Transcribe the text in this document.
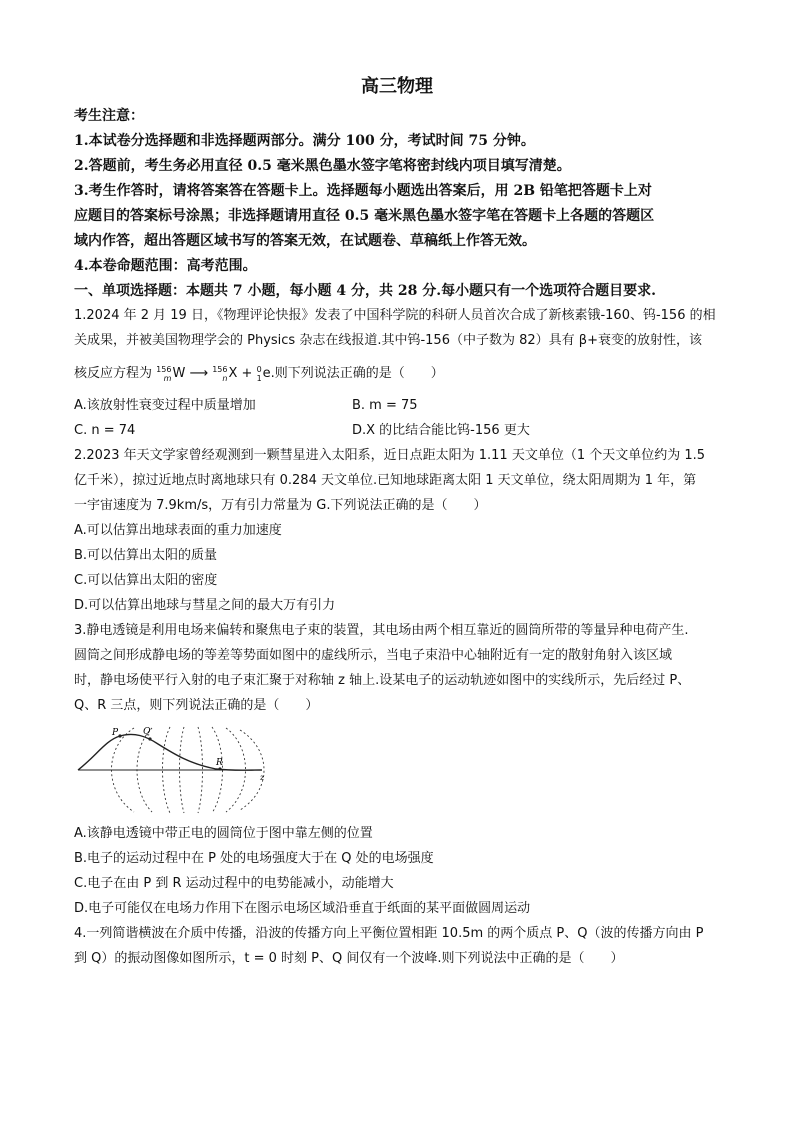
高三物理
考生注意：
1.本试卷分选择题和非选择题两部分。满分 100 分，考试时间 75 分钟。
2.答题前，考生务必用直径 0.5 毫米黑色墨水签字笔将密封线内项目填写清楚。
3.考生作答时，请将答案答在答题卡上。选择题每小题选出答案后，用 2B 铅笔把答题卡上对
应题目的答案标号涂黑；非选择题请用直径 0.5 毫米黑色墨水签字笔在答题卡上各题的答题区
域内作答，超出答题区域书写的答案无效，在试题卷、草稿纸上作答无效。
4.本卷命题范围：高考范围。
一、单项选择题：本题共 7 小题，每小题 4 分，共 28 分.每小题只有一个选项符合题目要求.
1.2024 年 2 月 19 日，《物理评论快报》发表了中国科学院的科研人员首次合成了新核素锇-160、钨-156 的相
关成果，并被美国物理学会的 Physics 杂志在线报道.其中钨-156（中子数为 82）具有 β+衰变的放射性，该
核反应方程为 156
mW ⟶ 156
nX + 0
1e.则下列说法正确的是（　　）
A.该放射性衰变过程中质量增加	B. m = 75
C. n = 74	D.X 的比结合能比钨-156 更大
2.2023 年天文学家曾经观测到一颗彗星进入太阳系，近日点距太阳为 1.11 天文单位（1 个天文单位约为 1.5
亿千米），掠过近地点时离地球只有 0.284 天文单位.已知地球距离太阳 1 天文单位，绕太阳周期为 1 年，第
一宇宙速度为 7.9km/s，万有引力常量为 G.下列说法正确的是（　　）
A.可以估算出地球表面的重力加速度
B.可以估算出太阳的质量
C.可以估算出太阳的密度
D.可以估算出地球与彗星之间的最大万有引力
3.静电透镜是利用电场来偏转和聚焦电子束的装置，其电场由两个相互靠近的圆筒所带的等量异种电荷产生.
圆筒之间形成静电场的等差等势面如图中的虚线所示，当电子束沿中心轴附近有一定的散射角射入该区域
时，静电场使平行入射的电子束汇聚于对称轴 z 轴上.设某电子的运动轨迹如图中的实线所示，先后经过 P、
Q、R 三点，则下列说法正确的是（　　）
P	Q
R
z
A.该静电透镜中带正电的圆筒位于图中靠左侧的位置
B.电子的运动过程中在 P 处的电场强度大于在 Q 处的电场强度
C.电子在由 P 到 R 运动过程中的电势能减小，动能增大
D.电子可能仅在电场力作用下在图示电场区域沿垂直于纸面的某平面做圆周运动
4.一列简谐横波在介质中传播，沿波的传播方向上平衡位置相距 10.5m 的两个质点 P、Q（波的传播方向由 P
到 Q）的振动图像如图所示，t = 0 时刻 P、Q 间仅有一个波峰.则下列说法中正确的是（　　）
